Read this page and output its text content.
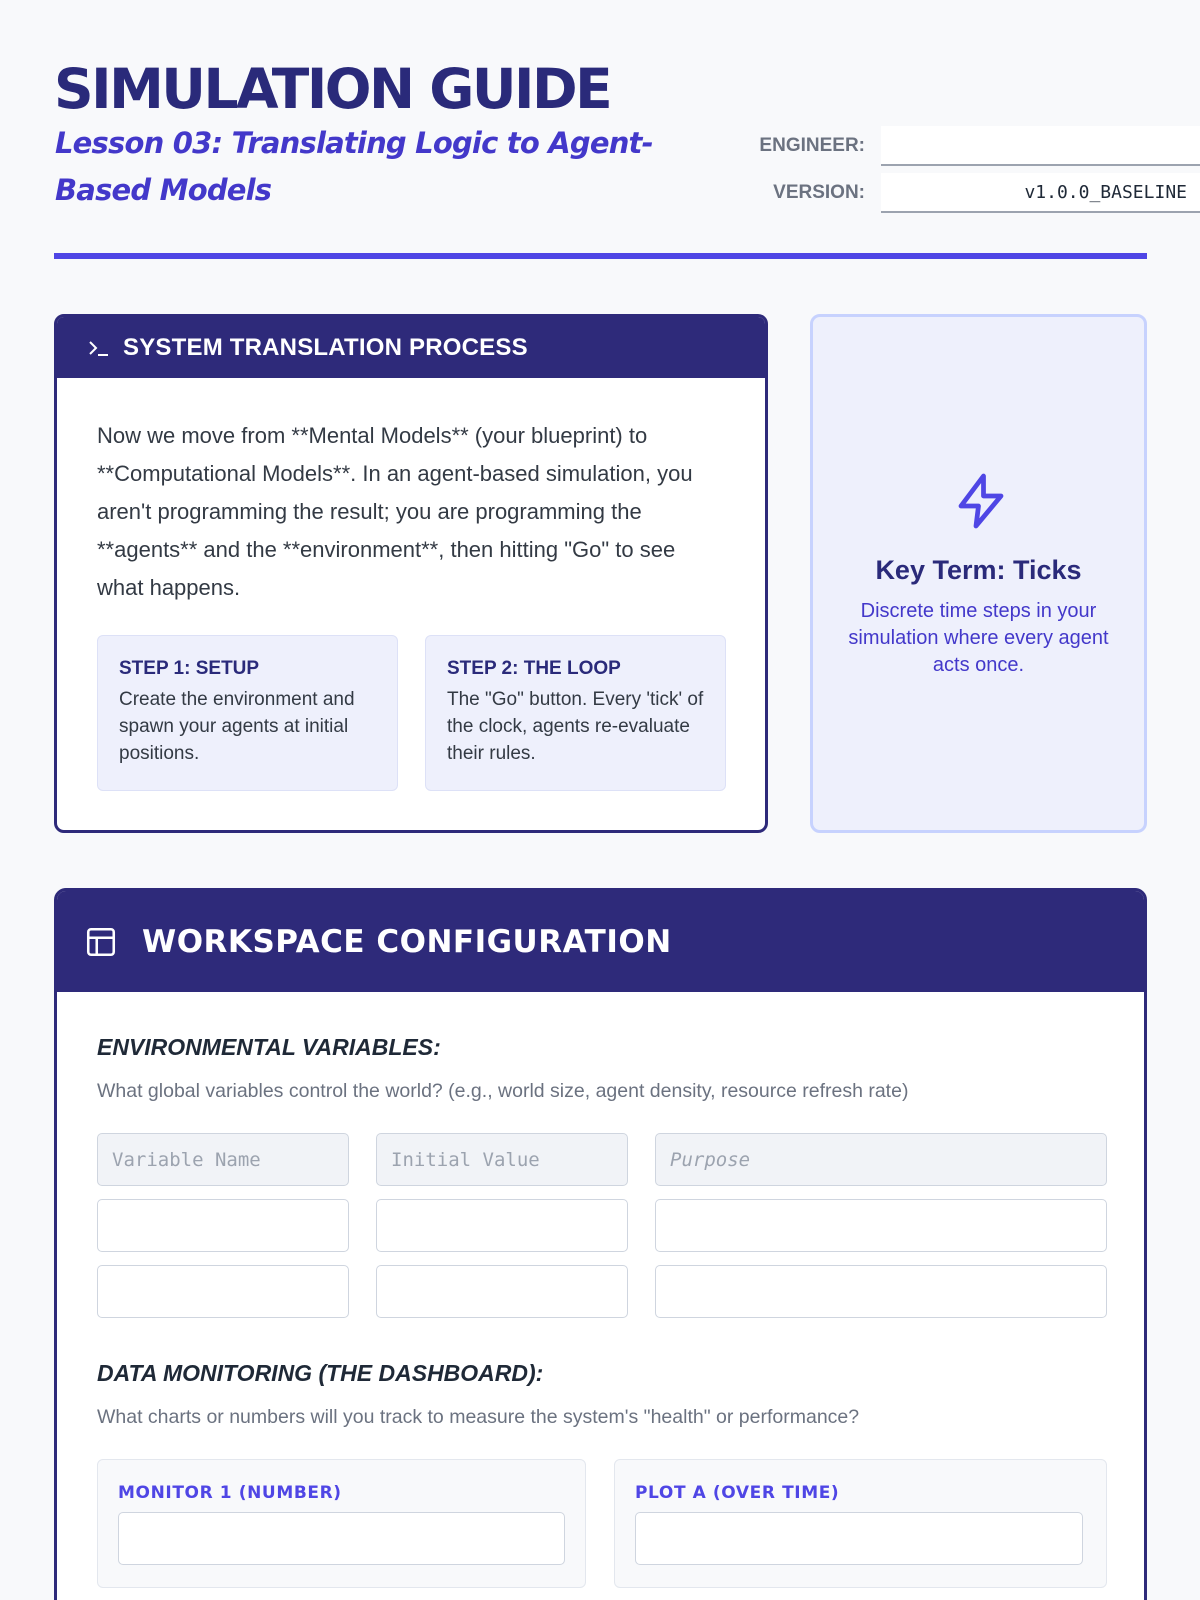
SIMULATION GUIDE
Lesson 03: Translating Logic to Agent-Based Models
ENGINEER:
VERSION:	v1.0.0_BASELINE
SYSTEM TRANSLATION PROCESS

Now we move from **Mental Models** (your blueprint) to **Computational Models**. In an agent-based simulation, you aren't programming the result; you are programming the **agents** and the **environment**, then hitting "Go" to see what happens.

STEP 1: SETUP
Create the environment and spawn your agents at initial positions.
STEP 2: THE LOOP
The "Go" button. Every 'tick' of the clock, agents re-evaluate their rules.
Key Term: Ticks
Discrete time steps in your simulation where every agent acts once.
WORKSPACE CONFIGURATION
ENVIRONMENTAL VARIABLES:
What global variables control the world? (e.g., world size, agent density, resource refresh rate)
Variable Name
Initial Value
Purpose
DATA MONITORING (THE DASHBOARD):
What charts or numbers will you track to measure the system's "health" or performance?
MONITOR 1 (NUMBER)	PLOT A (OVER TIME)
